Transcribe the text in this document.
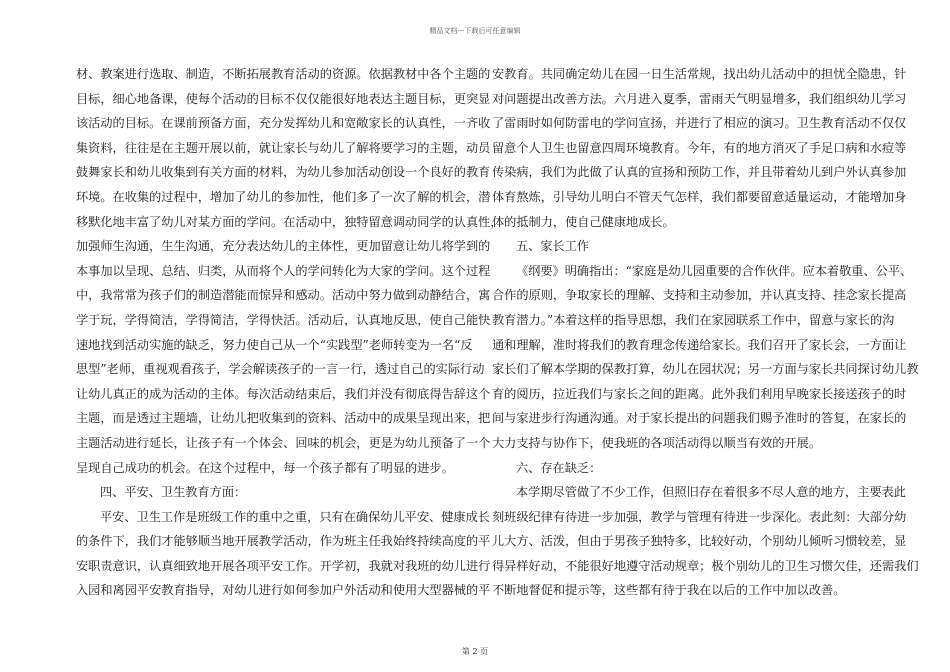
精品文档---下载后可任意编辑
材、教案进行选取、制造，不断拓展教育活动的资源。依据教材中各个主题的
目标，细心地备课，使每个活动的目标不仅仅能很好地表达主题目标，更突显
该活动的目标。在课前预备方面，充分发挥幼儿和宽敞家长的认真性，一齐收
集资料，往往是在主题开展以前，就让家长与幼儿了解将要学习的主题，动员
鼓舞家长和幼儿收集到有关方面的材料，为幼儿参加活动创设一个良好的教育
环境。在收集的过程中，增加了幼儿的参加性，他们多了一次了解的机会，潜
移默化地丰富了幼儿对某方面的学问。在活动中，独特留意调动同学的认真性，
加强师生沟通，生生沟通，充分表达幼儿的主体性，更加留意让幼儿将学到的
本事加以呈现、总结、归类，从而将个人的学问转化为大家的学问。这个过程
中，我常常为孩子们的制造潜能而惊异和感动。活动中努力做到动静结合，寓
学于玩，学得简洁，学得简洁，学得快活。活动后，认真地反思，使自己能快
速地找到活动实施的缺乏，努力使自己从一个“实践型”老师转变为一名“反
思型”老师，重视观看孩子，学会解读孩子的一言一行，透过自己的实际行动
让幼儿真正的成为活动的主体。每次活动结束后，我们并没有彻底得告辞这个
主题，而是透过主题墙，让幼儿把收集到的资料、活动中的成果呈现出来，把
主题活动进行延长，让孩子有一个体会、回味的机会，更是为幼儿预备了一个
呈现自己成功的机会。在这个过程中，每一个孩子都有了明显的进步。
四、平安、卫生教育方面：
平安、卫生工作是班级工作的重中之重，只有在确保幼儿平安、健康成长
的条件下，我们才能够顺当地开展教学活动，作为班主任我始终持续高度的平
安职责意识，认真细致地开展各项平安工作。开学初，我就对我班的幼儿进行
入园和离园平安教育指导，对幼儿进行如何参加户外活动和使用大型器械的平
安教育。共同确定幼儿在园一日生活常规，找出幼儿活动中的担忧全隐患，针
对问题提出改善方法。六月进入夏季，雷雨天气明显增多，我们组织幼儿学习
了雷雨时如何防雷电的学问宣扬，并进行了相应的演习。卫生教育活动不仅仅
留意个人卫生也留意四周环境教育。今年，有的地方消灭了手足口病和水痘等
传染病，我们为此做了认真的宣扬和预防工作，并且带着幼儿到户外认真参加
体育熬炼，引导幼儿明白不管天气怎样，我们都要留意适量运动，才能增加身
体的抵制力，使自己健康地成长。
五、家长工作
《纲要》明确指出：“家庭是幼儿园重要的合作伙伴。应本着敬重、公平、
合作的原则，争取家长的理解、支持和主动参加，并认真支持、挂念家长提高
教育潜力。”本着这样的指导思想，我们在家园联系工作中，留意与家长的沟
通和理解，准时将我们的教育理念传递给家长。我们召开了家长会，一方面让
家长们了解本学期的保教打算，幼儿在园状况；另一方面与家长共同探讨幼儿教
育的阅历，拉近我们与家长之间的距离。此外我们利用早晚家长接送孩子的时
间与家进步行沟通沟通。对于家长提出的问题我们赐予准时的答复，在家长的
大力支持与协作下，使我班的各项活动得以顺当有效的开展。
六、存在缺乏：
本学期尽管做了不少工作，但照旧存在着很多不尽人意的地方，主要表此
刻班级纪律有待进一步加强，教学与管理有待进一步深化。表此刻：大部分幼
儿大方、活泼，但由于男孩子独特多，比较好动，个别幼儿倾听习惯较差，显
得异样好动，不能很好地遵守活动规章；极个别幼儿的卫生习惯欠佳，还需我们
不断地督促和提示等，这些都有待于我在以后的工作中加以改善。
第 2 页
